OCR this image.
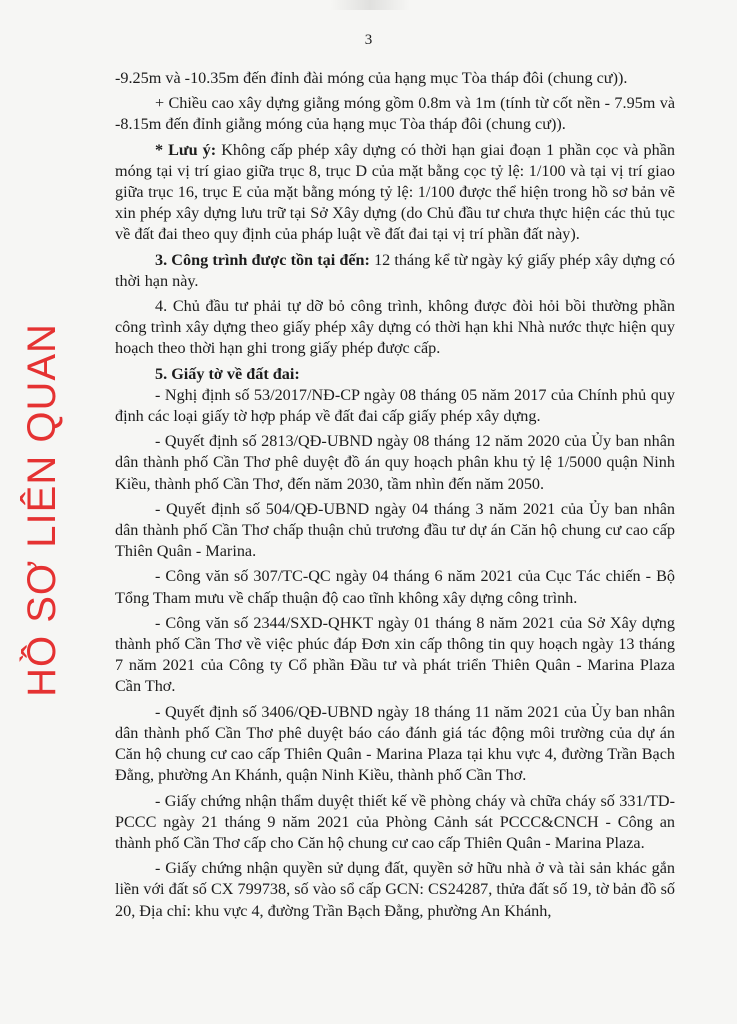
3
HỒ SƠ LIÊN QUAN

-9.25m và -10.35m đến đỉnh đài móng của hạng mục Tòa tháp đôi (chung cư)).

+ Chiều cao xây dựng giằng móng gồm 0.8m và 1m (tính từ cốt nền - 7.95m và -8.15m đến đỉnh giằng móng của hạng mục Tòa tháp đôi (chung cư)).

* Lưu ý: Không cấp phép xây dựng có thời hạn giai đoạn 1 phần cọc và phần móng tại vị trí giao giữa trục 8, trục D của mặt bằng cọc tỷ lệ: 1/100 và tại vị trí giao giữa trục 16, trục E của mặt bằng móng tỷ lệ: 1/100 được thể hiện trong hồ sơ bản vẽ xin phép xây dựng lưu trữ tại Sở Xây dựng (do Chủ đầu tư chưa thực hiện các thủ tục về đất đai theo quy định của pháp luật về đất đai tại vị trí phần đất này).

3. Công trình được tồn tại đến: 12 tháng kể từ ngày ký giấy phép xây dựng có thời hạn này.

4. Chủ đầu tư phải tự dỡ bỏ công trình, không được đòi hỏi bồi thường phần công trình xây dựng theo giấy phép xây dựng có thời hạn khi Nhà nước thực hiện quy hoạch theo thời hạn ghi trong giấy phép được cấp.

5. Giấy tờ về đất đai:

- Nghị định số 53/2017/NĐ-CP ngày 08 tháng 05 năm 2017 của Chính phủ quy định các loại giấy tờ hợp pháp về đất đai cấp giấy phép xây dựng.

- Quyết định số 2813/QĐ-UBND ngày 08 tháng 12 năm 2020 của Ủy ban nhân dân thành phố Cần Thơ phê duyệt đồ án quy hoạch phân khu tỷ lệ 1/5000 quận Ninh Kiều, thành phố Cần Thơ, đến năm 2030, tầm nhìn đến năm 2050.

- Quyết định số 504/QĐ-UBND ngày 04 tháng 3 năm 2021 của Ủy ban nhân dân thành phố Cần Thơ chấp thuận chủ trương đầu tư dự án Căn hộ chung cư cao cấp Thiên Quân - Marina.

- Công văn số 307/TC-QC ngày 04 tháng 6 năm 2021 của Cục Tác chiến - Bộ Tổng Tham mưu về chấp thuận độ cao tĩnh không xây dựng công trình.

- Công văn số 2344/SXD-QHKT ngày 01 tháng 8 năm 2021 của Sở Xây dựng thành phố Cần Thơ về việc phúc đáp Đơn xin cấp thông tin quy hoạch ngày 13 tháng 7 năm 2021 của Công ty Cổ phần Đầu tư và phát triển Thiên Quân - Marina Plaza Cần Thơ.

- Quyết định số 3406/QĐ-UBND ngày 18 tháng 11 năm 2021 của Ủy ban nhân dân thành phố Cần Thơ phê duyệt báo cáo đánh giá tác động môi trường của dự án Căn hộ chung cư cao cấp Thiên Quân - Marina Plaza tại khu vực 4, đường Trần Bạch Đằng, phường An Khánh, quận Ninh Kiều, thành phố Cần Thơ.

- Giấy chứng nhận thẩm duyệt thiết kế về phòng cháy và chữa cháy số 331/TD-PCCC ngày 21 tháng 9 năm 2021 của Phòng Cảnh sát PCCC&CNCH - Công an thành phố Cần Thơ cấp cho Căn hộ chung cư cao cấp Thiên Quân - Marina Plaza.

- Giấy chứng nhận quyền sử dụng đất, quyền sở hữu nhà ở và tài sản khác gắn liền với đất số CX 799738, số vào sổ cấp GCN: CS24287, thửa đất số 19, tờ bản đồ số 20, Địa chỉ: khu vực 4, đường Trần Bạch Đằng, phường An Khánh,
